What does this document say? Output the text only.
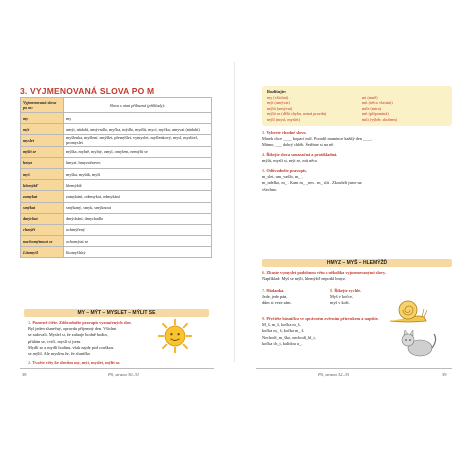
3. VYJMENOVANÁ SLOVA PO M
Vyjmenovaná slova po m:	Slova s nimi příbuzná (příklady):
my	my
mýt	umýt, nádobí, umývadlo, myčka, mýdlo, mydlit, mycí, myčka, umyvat (nádobí)
myslet	myšlenka, myšlení, smýšlet, přemýšlet, vymyslet, myšlenkový, mysl, myslitel, promyslet
mýlit se	mýlka, mylně, mylný, omyl, omylem, nemýlit se
hmyz	hmyzí, hmyzožravec
myš	myška, myšák, myší
hlemýžď	hlemýždí
zamykat	zamykání, odemykat, odmykání
smýkat	smýkaný, smyk, smýknout
dmýchat	dmýchání, dmychadlo
chmýří	ochmýřený
nachomýtnout se	ochomýtat se
Litomyšl	litomyšlský
MY – MÝT – MYSLET – MÝLIT SE
1. Pozorně čtěte. Zdůvodněte pravopis vyznačených slov.
Byl jeden slunečný, opravdu příjemný den. Všichni
se radovali. Myslel si, že zahraje hodně hodin,
přidám se, cvičí, myslí si jsem.
Mydlí se a mydlí hodinu, však najde pod rouškou.
se mýlil. Ale myslím že, že sluníčko
2. Tvořte věty ke slovům my, mýt, myslet, mýlit se.
38	PS, strana 30–31
Rozlišujte:
my (všichni)
mýt (umývat)
mýlit (umývat)
mýlit se (dělá chybu, nemá pravdu)
mýlí (mysl, myslet)
mi (mně)
mít (něco vlastnit)
míle (míra)
mít (připomíná)
mili (výběr, sbohem)
3. Vyberte vhodné slovo.
Marek chce ____ kopací míč. Poradil mamince každý den ____.
Mámo, ___ dobrý chléb. Šetříme si na ně.
4. Říkejte slova souznačná a protikladná.
mýlit, myslí si, mýt se, mít něco
5. Odůvodněte pravopis.
m_slet, um_vadlo, m_ ,
m_ndelko, m_ . Kam m_ _nes . m_ slit . Zkoušeli jsme na
všechno.
HMYZ – MYŠ – HLEMÝŽĎ
6. Zkuste vymyslet podobnou větu s několika vyjmenovanými slovy.
Například: Myš se mýlí, hlemýžď nepotkl hmyz.
7. Hádanka.
Jede, jede pán,
dům si veze sám.
8. Říkejte rychle.
Myš v kočce,
myš v koši.
9. Přečtěte básničku ve správném zvěrním přízvukem a napište.
M_š, m_š, kočka m_š,
kočka m_ š, kočka m_ š.
Nechodí_m_ško, nechodí_bl_t,
kočka ch_t, kalídou u_.
PS, strana 32–33	39
